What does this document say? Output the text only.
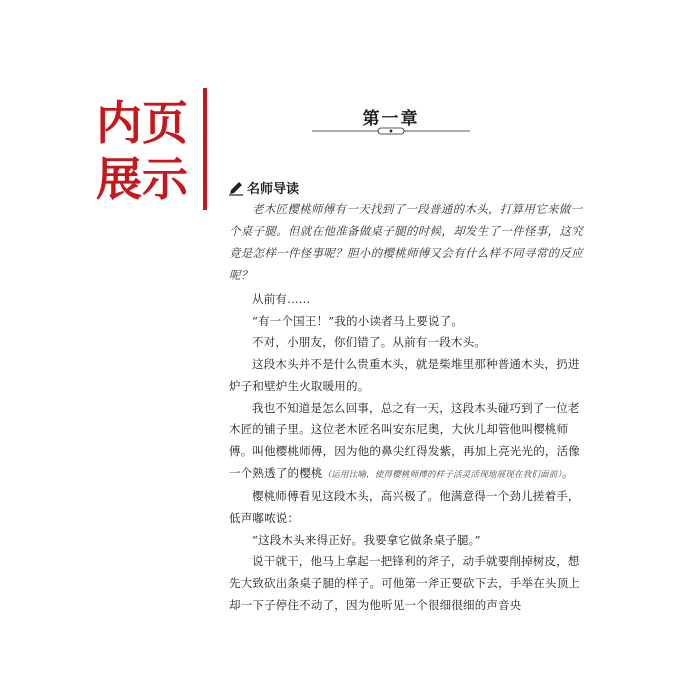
内页
展示
第一章
名师导读

老木匠樱桃师傅有一天找到了一段普通的木头，打算用它来做一个桌子腿。但就在他准备做桌子腿的时候，却发生了一件怪事，这究竟是怎样一件怪事呢？胆小的樱桃师傅又会有什么样不同寻常的反应呢？

从前有……

“有一个国王！”我的小读者马上要说了。

不对，小朋友，你们错了。从前有一段木头。

这段木头并不是什么贵重木头，就是柴堆里那种普通木头，扔进炉子和壁炉生火取暖用的。

我也不知道是怎么回事，总之有一天，这段木头碰巧到了一位老木匠的铺子里。这位老木匠名叫安东尼奥，大伙儿却管他叫樱桃师傅。叫他樱桃师傅，因为他的鼻尖红得发紫，再加上亮光光的，活像一个熟透了的樱桃（运用比喻，使得樱桃师傅的样子活灵活现地展现在我们面前）。

樱桃师傅看见这段木头，高兴极了。他满意得一个劲儿搓着手，低声嘟哝说：

“这段木头来得正好。我要拿它做条桌子腿。”

说干就干，他马上拿起一把锋利的斧子，动手就要削掉树皮，想先大致砍出条桌子腿的样子。可他第一斧正要砍下去，手举在头顶上却一下子停住不动了，因为他听见一个很细很细的声音央
